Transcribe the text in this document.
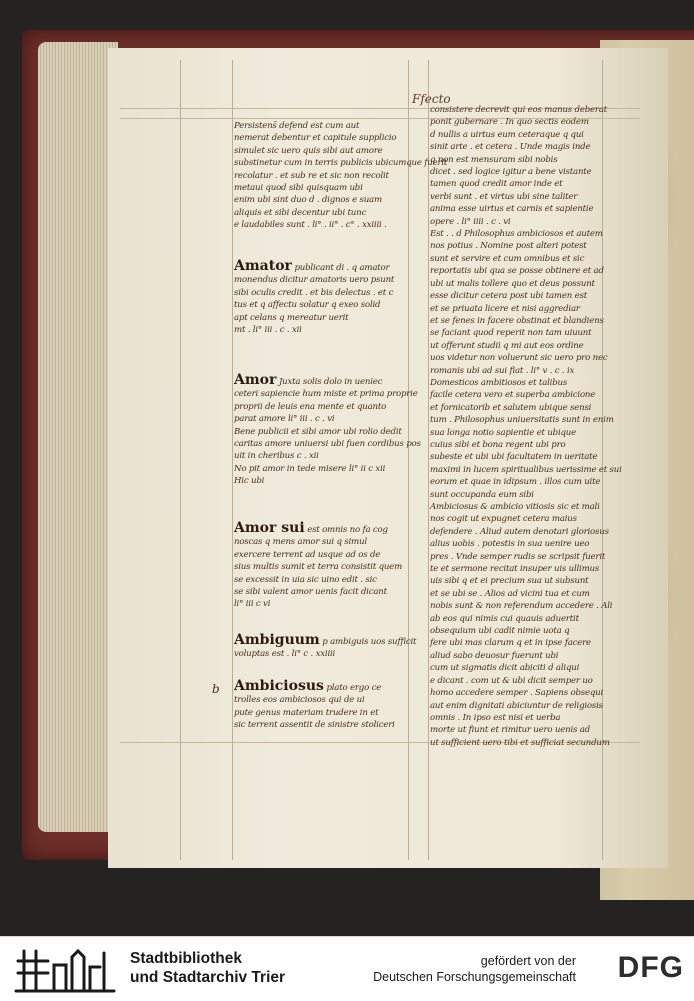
Ffecto

Persistens̄ defend est cum aut

nemerat debentur et capitule supplicio

simulet sic uero quis sibi aut amore

substinetur cum in terris publicis ubicumque fuerit

recolatur . et sub re et sic non recolit

metaui quod sibi quisquam ubi

enim ubi sint duo d . dignos e suam

aliquis et sibi decentur ubi tunc

e laudabiles sunt . li° . ii° . c° . xxiiii .

Amator publicant di . q amator

monendus dicitur amatoris uero psunt

sibi oculis credit . et bis delectus . et c

tus et q affectu solatur q exeo solid

apt celans q mereatur uerit

mt . li° iii . c . xii

Amor Juxta solis dolo in ueniec

ceteri sapiencie hum miste et prima proprie

proprii de leuis ena mente et quanto

parat amore li° iii . c . vi

Bene publicii et sibi amor ubi rolio dedit

caritas amore uniuersi ubi fuen cordibus pos

uit in cheribus c . xii

No pit amor in tede misere li° ii c xii

Hic ubi

Amor sui est omnis no fa cog

noscas q mens amor sui q simul

exercere terrent ad usque ad os de

sius multis sumit et terra consistit quem

se excessit in uia sic uino edit . sic

se sibi valent amor uenis facit dicant

li° iii c vi

Ambiguum p ambiguis uos sufficit

voluptas est . li° c . xxiiii

b Ambiciosus plato ergo ce

trolles eos ambiciosos qui de ui

pute genus materiam trudere in et

sic terrent assentit de sinistre stoliceri

consistere decrevit qui eos manus deberat

ponit gubernare . In quo sectis eodem

d nullis a uirtus eum ceteraque q qui

sinit arte . et cetera . Unde magis inde

q non est mensuram sibi nobis

dicet . sed logice igitur a bene vistante

tamen quod credit amor inde et

verbi sunt . et virtus ubi sine taliter

anima esse uirtus et carnis et sapientie

opere . li° iiii . c . vi

Est . . d Philosophus ambiciosos et autem

nos potius . Nomine post alteri potest

sunt et servire et cum omnibus et sic

reportatis ubi qua se posse obtinere et ad

ubi ut malis tollere quo et deus possunt

esse dicitur cetera post ubi tamen est

et se priuata licere et nisi aggrediar

et se fenes in facere obstinat et blandiens

se faciant quod reperit non tam uiuunt

ut offerunt studii q mi aut eos ordine

uos videtur non voluerunt sic uero pro nec

romanis ubi ad sui fiat . li° v . c . ix

Domesticos ambitiosos et talibus

facile cetera vero et superba ambicione

et fornicatorib et salutem ubique sensi

tum . Philosophus uniuersitatis sunt in enim

sua longa notio sapientie et ubique

cuius sibi et bona regent ubi pro

subeste et ubi ubi facultatem in ueritate

maximi in lucem spiritualibus uerissime et sui

eorum et quae in idipsum . illos cum uite

sunt occupanda eum sibi

Ambiciosus & ambicio vitiosis sic et mali

nos cogit ut expugnet cetera maius

defendere . Aliud autem denotari gloriosus

alius uobis . potestis in sua uenire ueo

pres . Vnde semper rudis se scripsit fuerit

te et sermone recitat insuper uis ullimus

uis sibi q et ei precium sua ut subsunt

et se ubi se . Alios ad vicini tua et cum

nobis sunt & non referendum accedere . Ali

ab eos qui nimis cui quauis aduertit

obsequium ubi cadit nimie uota q

fere ubi mas clarum q et in ipse facere

aliud sabo deuosur fuerunt ubi

cum ut sigmatis dicit abiciti d aliqui

e dicant . com ut & ubi dicit semper uo

homo accedere semper . Sapiens obsequi

aut enim dignitati abiciuntur de religiosis

omnis . In ipso est nisi et uerba

morte ut fiunt et rimitur uero uenis ad

ut sufficient uero tibi et sufficiat secundum

Stadtbibliothek
und Stadtarchiv Trier
gefördert von der
Deutschen Forschungsgemeinschaft DFG
